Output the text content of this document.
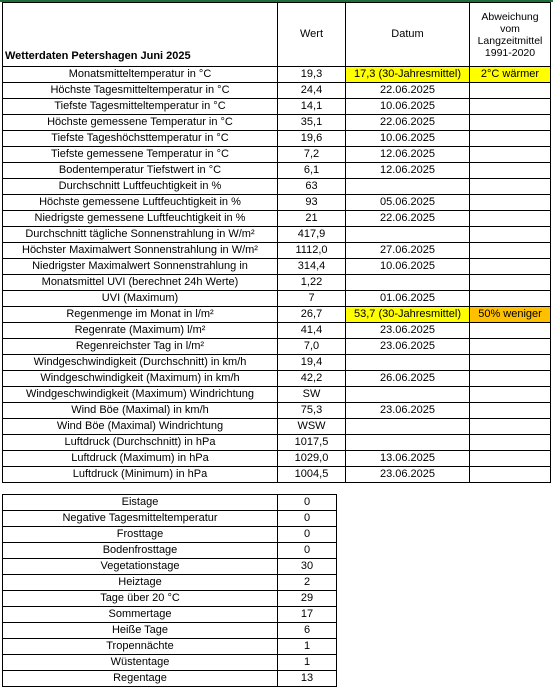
Wetterdaten Petershagen Juni 2025	Wert	Datum	Abweichung vom Langzeitmittel 1991-2020
Monatsmitteltemperatur in °C	19,3	17,3 (30-Jahresmittel)	2°C wärmer
Höchste Tagesmitteltemperatur in °C	24,4	22.06.2025	
Tiefste Tagesmitteltemperatur in °C	14,1	10.06.2025	
Höchste gemessene Temperatur in °C	35,1	22.06.2025	
Tiefste Tageshöchsttemperatur in °C	19,6	10.06.2025	
Tiefste gemessene Temperatur in °C	7,2	12.06.2025	
Bodentemperatur Tiefstwert in °C	6,1	12.06.2025	
Durchschnitt Luftfeuchtigkeit in %	63		
Höchste gemessene Luftfeuchtigkeit in %	93	05.06.2025	
Niedrigste gemessene Luftfeuchtigkeit in %	21	22.06.2025	
Durchschnitt tägliche Sonnenstrahlung in W/m²	417,9		
Höchster Maximalwert Sonnenstrahlung in W/m²	1112,0	27.06.2025	
Niedrigster Maximalwert Sonnenstrahlung in	314,4	10.06.2025	
Monatsmittel UVI (berechnet 24h Werte)	1,22		
UVI (Maximum)	7	01.06.2025	
Regenmenge im Monat in l/m²	26,7	53,7 (30-Jahresmittel)	50% weniger
Regenrate (Maximum) l/m²	41,4	23.06.2025	
Regenreichster Tag in l/m²	7,0	23.06.2025	
Windgeschwindigkeit (Durchschnitt) in km/h	19,4		
Windgeschwindigkeit (Maximum) in km/h	42,2	26.06.2025	
Windgeschwindigkeit (Maximum) Windrichtung	SW		
Wind Böe (Maximal) in km/h	75,3	23.06.2025	
Wind Böe (Maximal) Windrichtung	WSW		
Luftdruck (Durchschnitt) in hPa	1017,5		
Luftdruck (Maximum) in hPa	1029,0	13.06.2025	
Luftdruck (Minimum) in hPa	1004,5	23.06.2025	
Eistage	0
Negative Tagesmitteltemperatur	0
Frosttage	0
Bodenfrosttage	0
Vegetationstage	30
Heiztage	2
Tage über 20 °C	29
Sommertage	17
Heiße Tage	6
Tropennächte	1
Wüstentage	1
Regentage	13
